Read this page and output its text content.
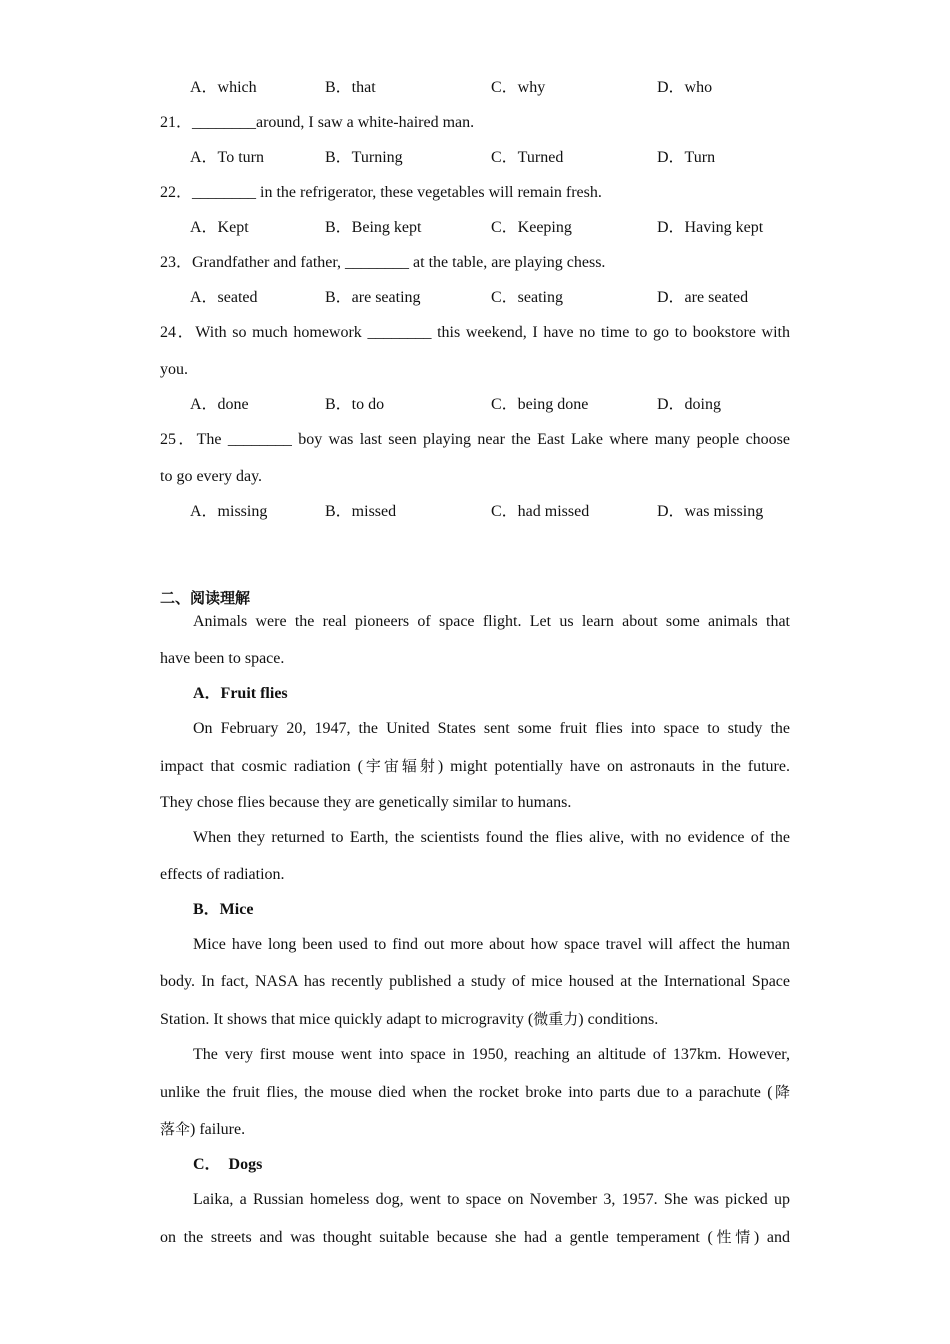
A．which	B．that	C．why	D．who
21．________around, I saw a white-haired man.
A．To turn	B．Turning	C．Turned	D．Turn
22．________ in the refrigerator, these vegetables will remain fresh.
A．Kept	B．Being kept	C．Keeping	D．Having kept
23．Grandfather and father, ________ at the table, are playing chess.
A．seated	B．are seating	C．seating	D．are seated
24．With so much homework ________ this weekend, I have no time to go to bookstore with
you.
A．done	B．to do	C．being done	D．doing
25．The ________ boy was last seen playing near the East Lake where many people choose
to go every day.
A．missing	B．missed	C．had missed	D．was missing
二、阅读理解
Animals were the real pioneers of space flight. Let us learn about some animals that
have been to space.
A．Fruit flies
On February 20, 1947, the United States sent some fruit flies into space to study the
impact that cosmic radiation (宇宙辐射) might potentially have on astronauts in the future.
They chose flies because they are genetically similar to humans.
When they returned to Earth, the scientists found the flies alive, with no evidence of the
effects of radiation.
B．Mice
Mice have long been used to find out more about how space travel will affect the human
body. In fact, NASA has recently published a study of mice housed at the International Space
Station. It shows that mice quickly adapt to microgravity (微重力) conditions.
The very first mouse went into space in 1950, reaching an altitude of 137km. However,
unlike the fruit flies, the mouse died when the rocket broke into parts due to a parachute (降
落伞) failure.
C．  Dogs
Laika, a Russian homeless dog, went to space on November 3, 1957. She was picked up
on the streets and was thought suitable because she had a gentle temperament (性情) and
